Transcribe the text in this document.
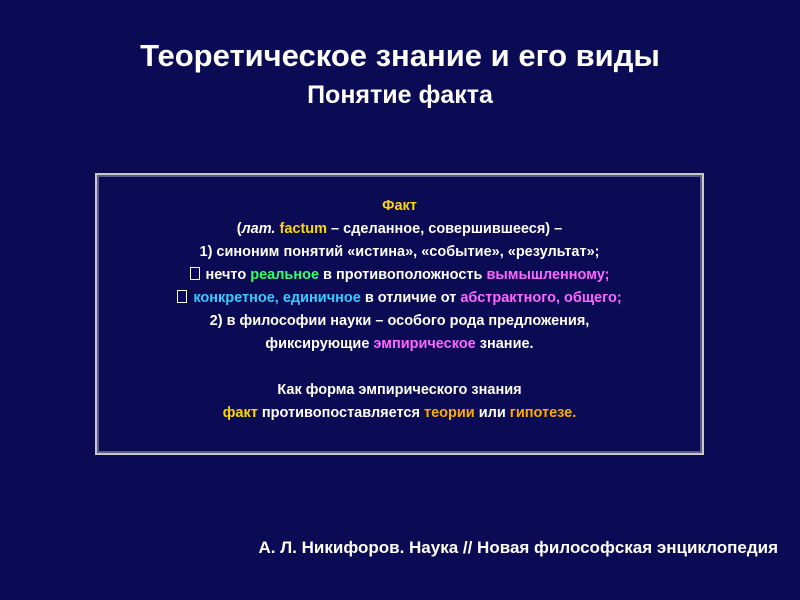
Теоретическое знание и его виды
Понятие факта
Факт
(лат. factum – сделанное, совершившееся) –
1) синоним понятий «истина», «событие», «результат»;
нечто реальное в противоположность вымышленному;
конкретное, единичное в отличие от абстрактного, общего;
2) в философии науки – особого рода предложения,
фиксирующие эмпирическое знание.
Как форма эмпирического знания
факт противопоставляется теории или гипотезе.
А. Л. Никифоров. Наука // Новая философская энциклопедия
